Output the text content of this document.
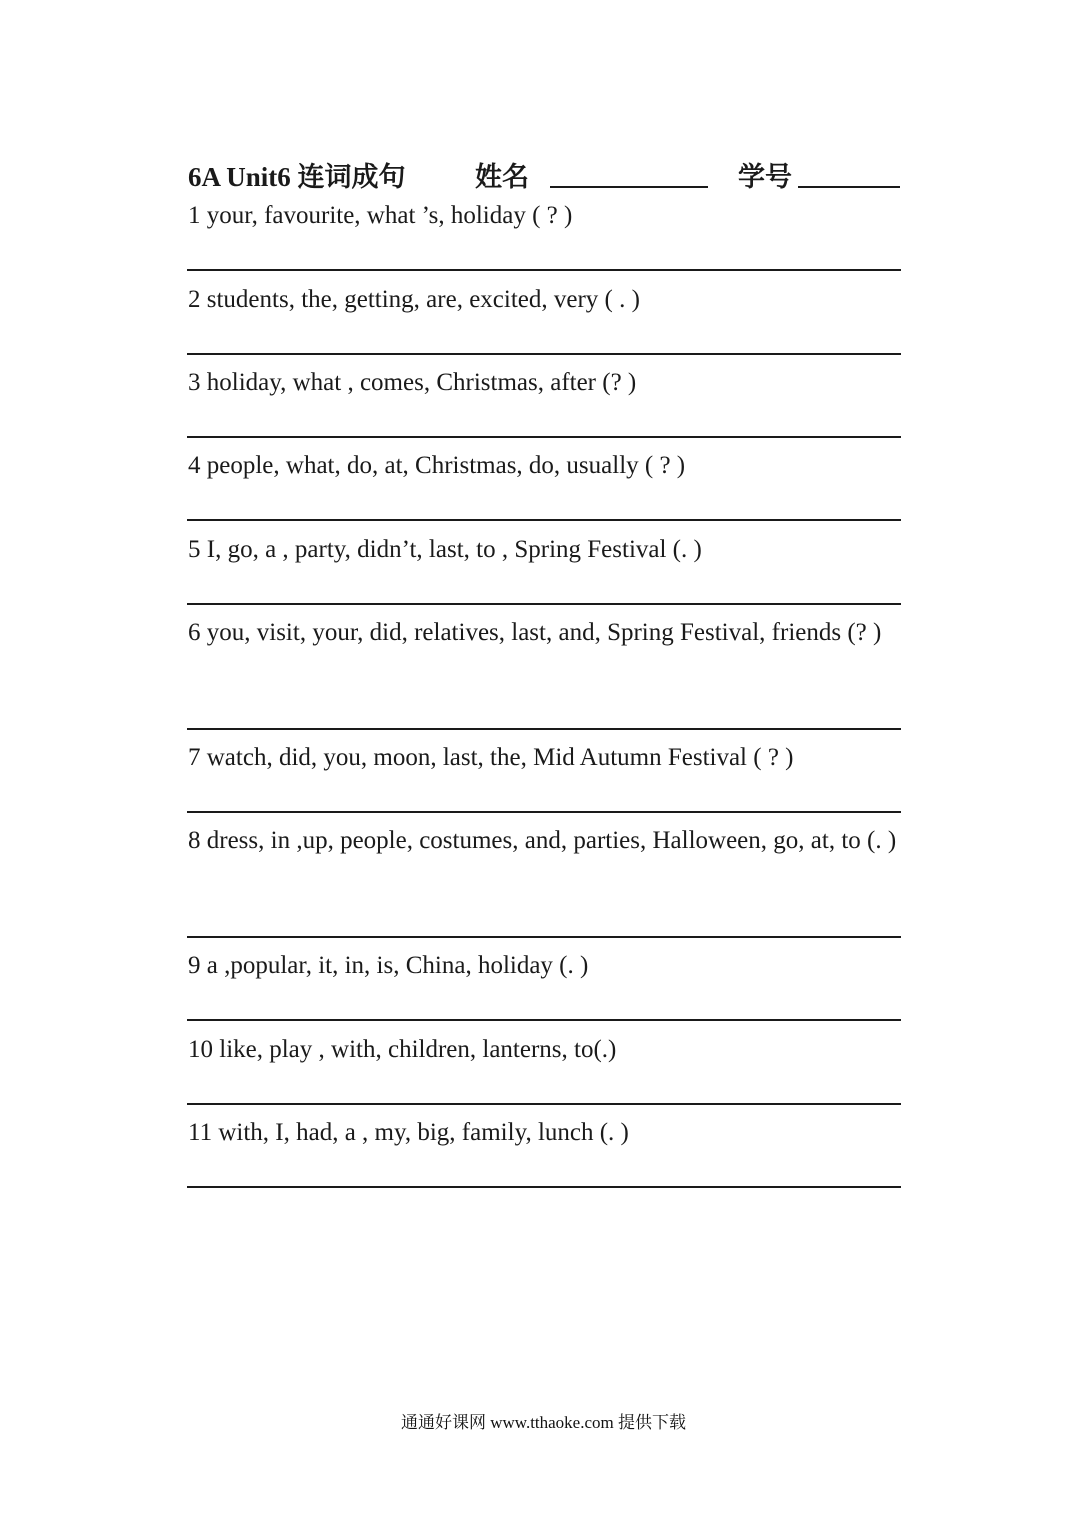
6A Unit6 连词成句	姓名	学号
1 your, favourite, what ’s, holiday ( ? )
2 students, the, getting, are, excited, very ( . )
3 holiday, what , comes, Christmas, after (? )
4 people, what, do, at, Christmas, do, usually ( ? )
5 I, go, a , party, didn’t, last, to , Spring Festival (. )
6 you, visit, your, did, relatives, last, and, Spring Festival, friends (? )
7 watch, did, you, moon, last, the, Mid Autumn Festival ( ? )
8 dress, in ,up, people, costumes, and, parties, Halloween, go, at, to (. )
9 a ,popular, it, in, is, China, holiday (. )
10 like, play , with, children, lanterns, to(.)
11 with, I, had, a , my, big, family, lunch (. )
通通好课网 www.tthaoke.com 提供下载
